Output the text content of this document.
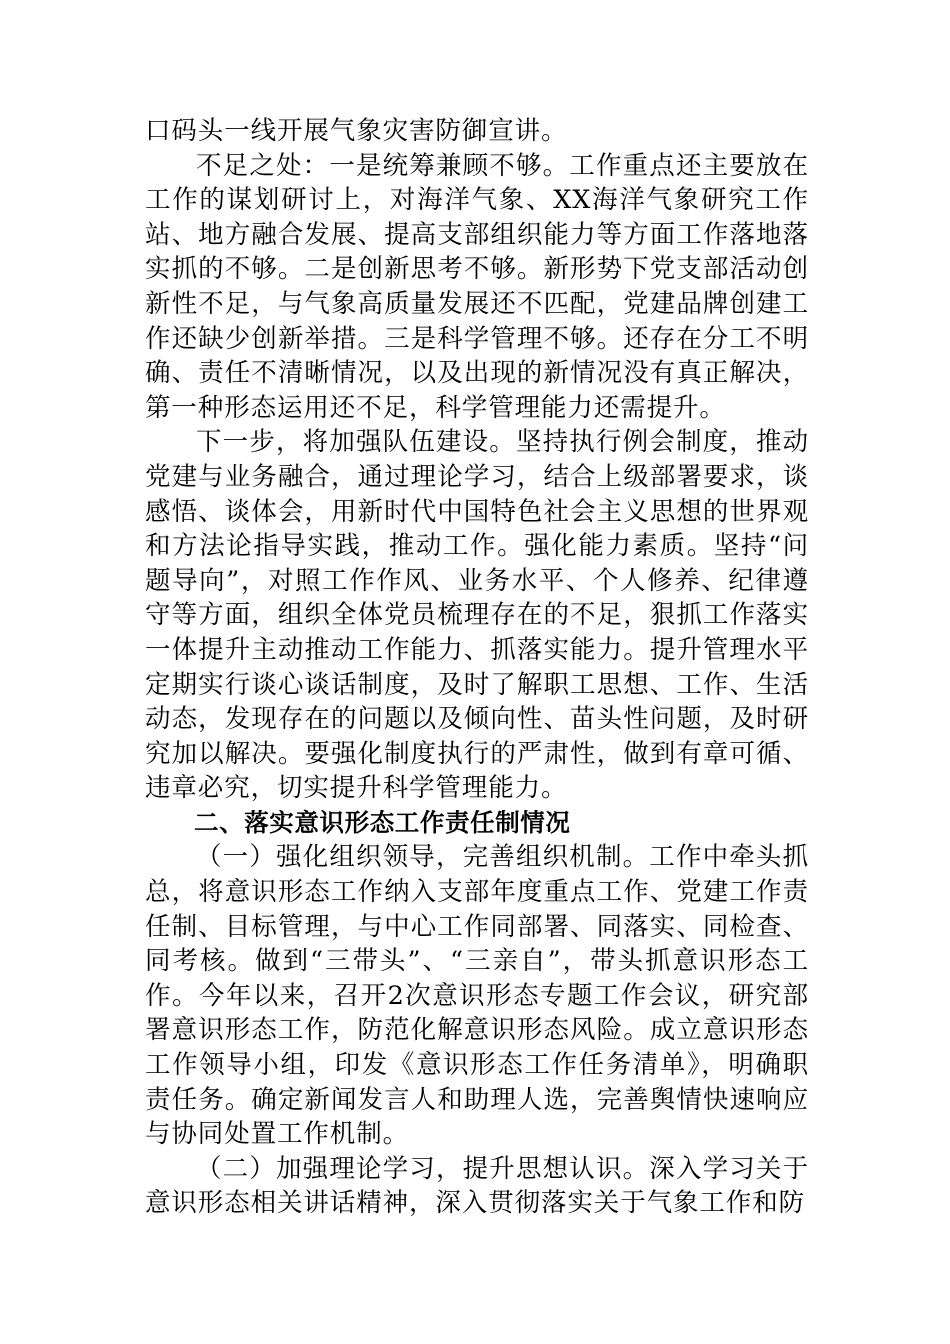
口码头一线开展气象灾害防御宣讲。

不足之处：一是统筹兼顾不够。工作重点还主要放在工作的谋划研讨上，对海洋气象、XX海洋气象研究工作站、地方融合发展、提高支部组织能力等方面工作落地落实抓的不够。二是创新思考不够。新形势下党支部活动创新性不足，与气象高质量发展还不匹配，党建品牌创建工作还缺少创新举措。三是科学管理不够。还存在分工不明确、责任不清晰情况，以及出现的新情况没有真正解决，第一种形态运用还不足，科学管理能力还需提升。

下一步，将加强队伍建设。坚持执行例会制度，推动党建与业务融合，通过理论学习，结合上级部署要求，谈感悟、谈体会，用新时代中国特色社会主义思想的世界观和方法论指导实践，推动工作。强化能力素质。坚持“问题导向”，对照工作作风、业务水平、个人修养、纪律遵守等方面，组织全体党员梳理存在的不足，狠抓工作落实一体提升主动推动工作能力、抓落实能力。提升管理水平定期实行谈心谈话制度，及时了解职工思想、工作、生活动态，发现存在的问题以及倾向性、苗头性问题，及时研究加以解决。要强化制度执行的严肃性，做到有章可循、违章必究，切实提升科学管理能力。

二、落实意识形态工作责任制情况

（一）强化组织领导，完善组织机制。工作中牵头抓总，将意识形态工作纳入支部年度重点工作、党建工作责任制、目标管理，与中心工作同部署、同落实、同检查、同考核。做到“三带头”、“三亲自”，带头抓意识形态工作。今年以来，召开2次意识形态专题工作会议，研究部署意识形态工作，防范化解意识形态风险。成立意识形态工作领导小组，印发《意识形态工作任务清单》，明确职责任务。确定新闻发言人和助理人选，完善舆情快速响应与协同处置工作机制。

（二）加强理论学习，提升思想认识。深入学习关于意识形态相关讲话精神，深入贯彻落实关于气象工作和防
